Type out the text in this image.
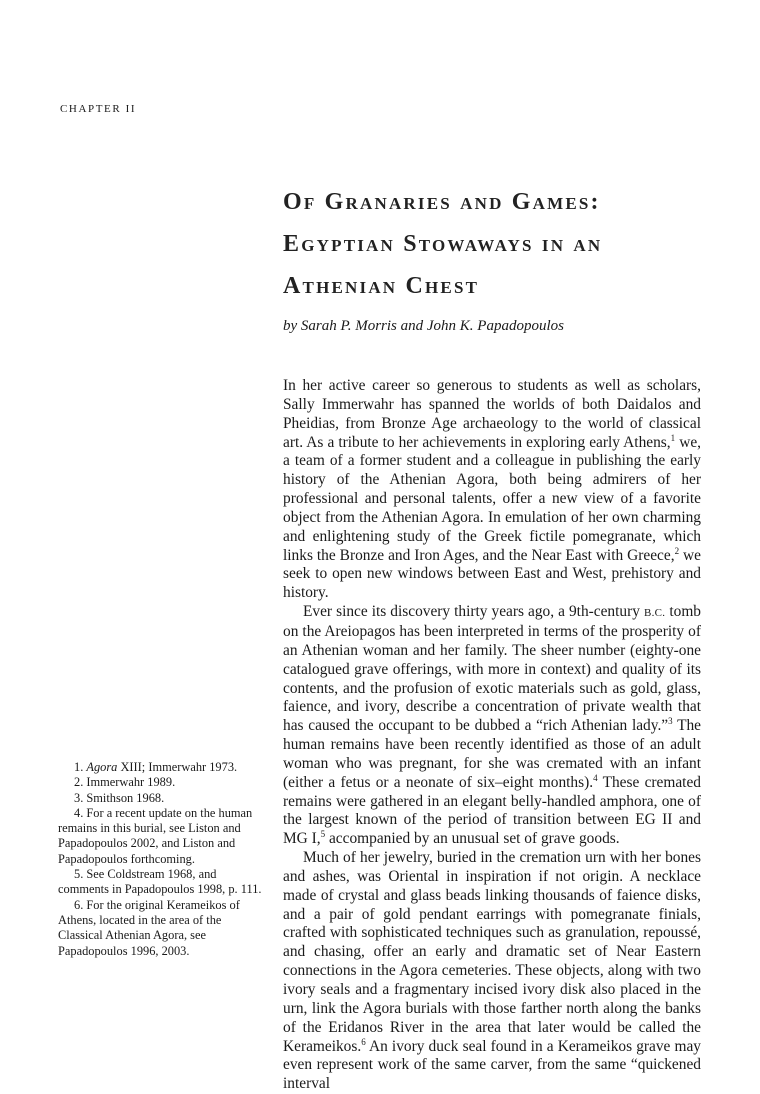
CHAPTER II
Of Granaries and Games:
Egyptian Stowaways in an
Athenian Chest
by Sarah P. Morris and John K. Papadopoulos

In her active career so generous to students as well as scholars, Sally Immerwahr has spanned the worlds of both Daidalos and Pheidias, from Bronze Age archaeology to the world of classical art. As a tribute to her achievements in exploring early Athens,$^1$ we, a team of a former student and a colleague in publishing the early history of the Athenian Agora, both being admirers of her professional and personal talents, offer a new view of a favorite object from the Athenian Agora. In emulation of her own charming and enlightening study of the Greek fictile pomegranate, which links the Bronze and Iron Ages, and the Near East with Greece,$^2$ we seek to open new windows between East and West, prehistory and history.

Ever since its discovery thirty years ago, a 9th-century B.C. tomb on the Areiopagos has been interpreted in terms of the prosperity of an Athenian woman and her family. The sheer number (eighty-one catalogued grave offerings, with more in context) and quality of its contents, and the profusion of exotic materials such as gold, glass, faience, and ivory, describe a concentration of private wealth that has caused the occupant to be dubbed a “rich Athenian lady.”$^3$ The human remains have been recently identified as those of an adult woman who was pregnant, for she was cremated with an infant (either a fetus or a neonate of six–eight months).$^4$ These cremated remains were gathered in an elegant belly-handled amphora, one of the largest known of the period of transition between EG II and MG I,$^5$ accompanied by an unusual set of grave goods.

Much of her jewelry, buried in the cremation urn with her bones and ashes, was Oriental in inspiration if not origin. A necklace made of crystal and glass beads linking thousands of faience disks, and a pair of gold pendant earrings with pomegranate finials, crafted with sophisticated techniques such as granulation, repoussé, and chasing, offer an early and dramatic set of Near Eastern connections in the Agora cemeteries. These objects, along with two ivory seals and a fragmentary incised ivory disk also placed in the urn, link the Agora burials with those farther north along the banks of the Eridanos River in the area that later would be called the Kerameikos.$^6$ An ivory duck seal found in a Kerameikos grave may even represent work of the same carver, from the same “quickened interval

1. Agora XIII; Immerwahr 1973.
2. Immerwahr 1989.
3. Smithson 1968.
4. For a recent update on the human remains in this burial, see Liston and Papadopoulos 2002, and Liston and Papadopoulos forthcoming.
5. See Coldstream 1968, and comments in Papadopoulos 1998, p. 111.
6. For the original Kerameikos of Athens, located in the area of the Classical Athenian Agora, see Papadopoulos 1996, 2003.
